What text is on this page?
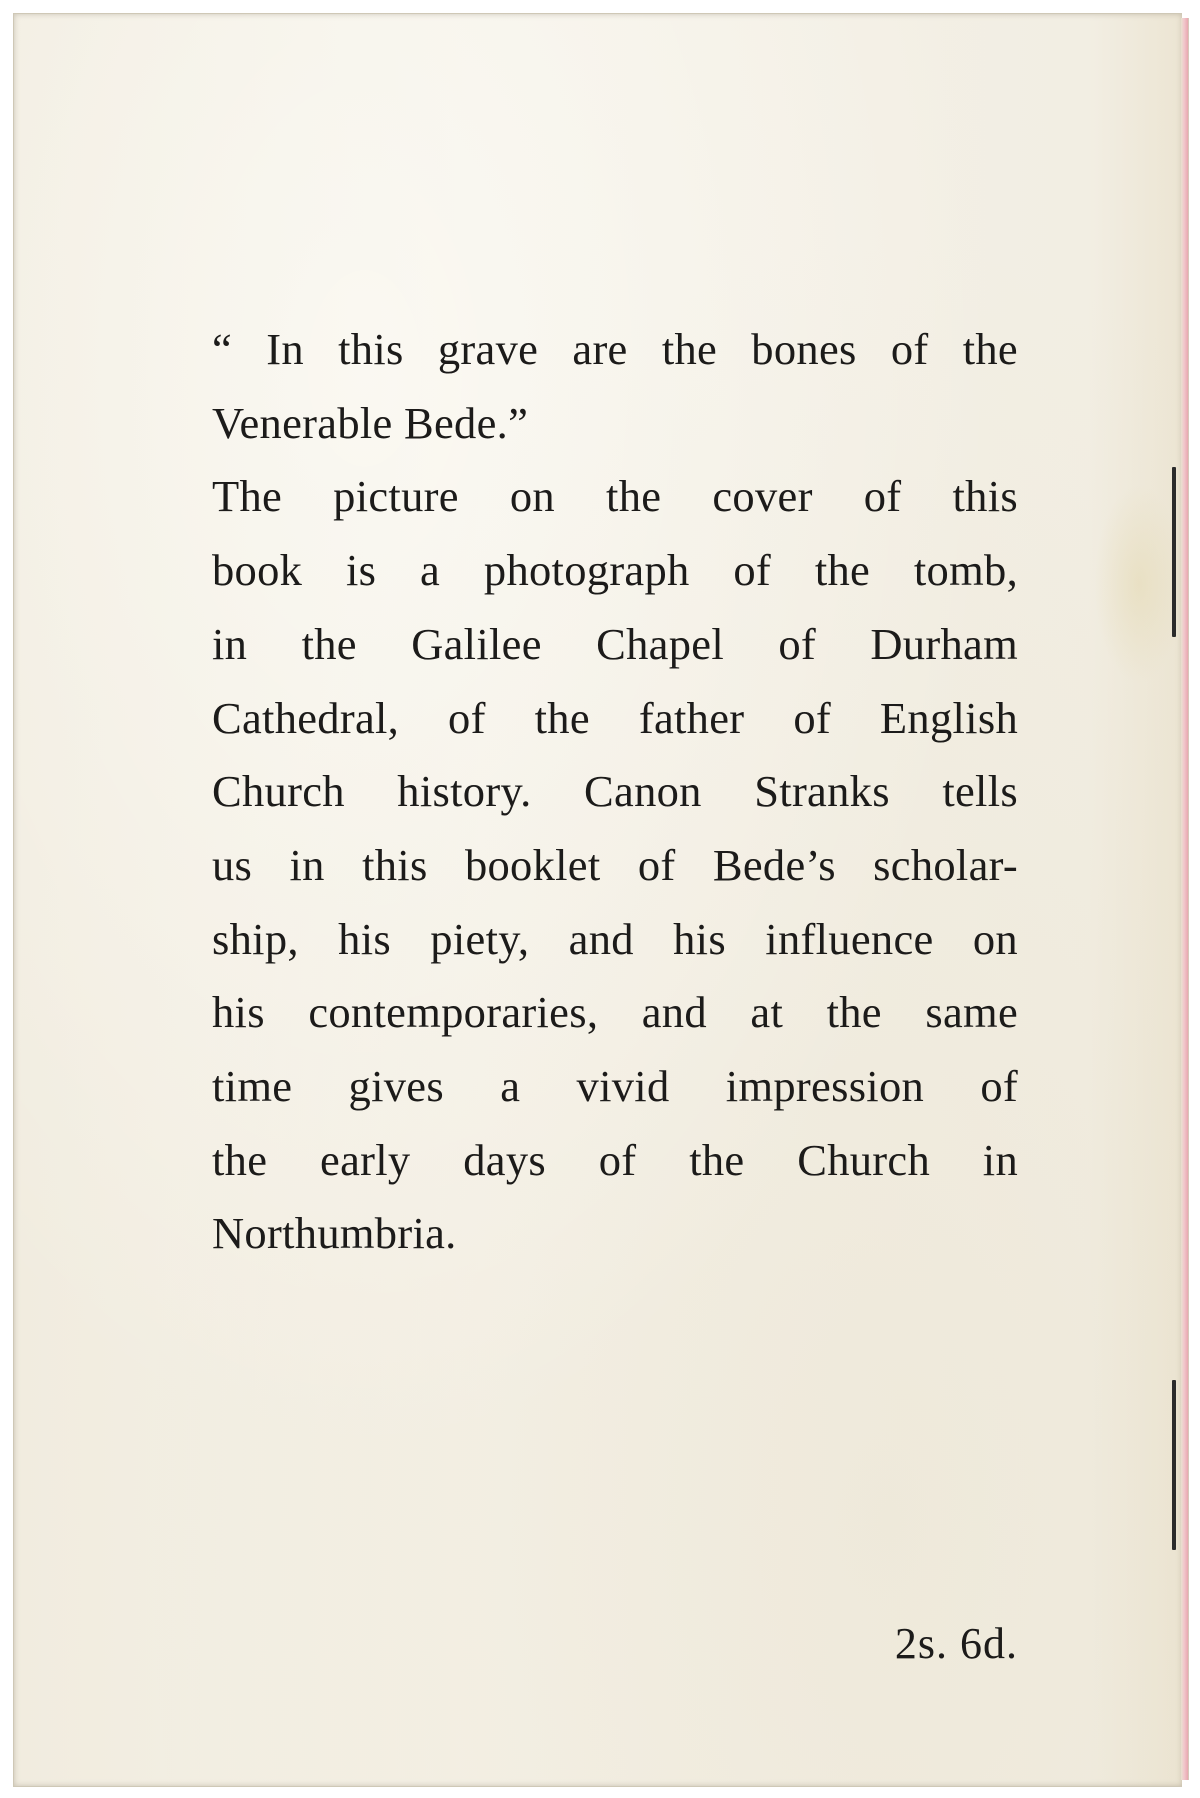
“ In this grave are the bones of the
Venerable Bede.”
The picture on the cover of this
book is a photograph of the tomb,
in the Galilee Chapel of Durham
Cathedral, of the father of English
Church history. Canon Stranks tells
us in this booklet of Bede’s scholar-
ship, his piety, and his influence on
his contemporaries, and at the same
time gives a vivid impression of
the early days of the Church in
Northumbria.

2s. 6d.
